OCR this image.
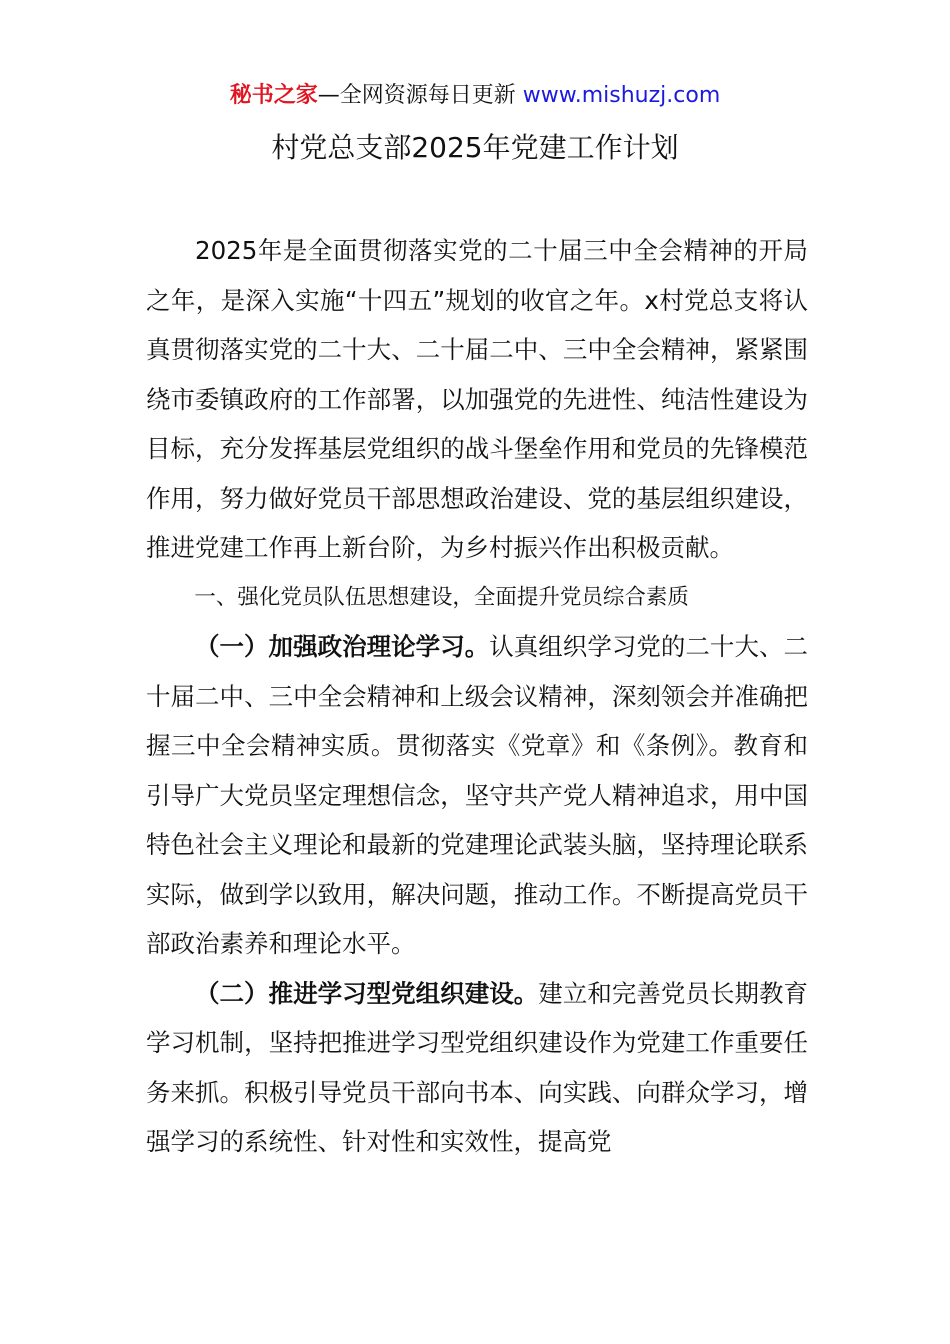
秘书之家—全网资源每日更新 www.mishuzj.com
村党总支部2025年党建工作计划

2025年是全面贯彻落实党的二十届三中全会精神的开局之年，是深入实施“十四五”规划的收官之年。x村党总支将认真贯彻落实党的二十大、二十届二中、三中全会精神，紧紧围绕市委镇政府的工作部署，以加强党的先进性、纯洁性建设为目标，充分发挥基层党组织的战斗堡垒作用和党员的先锋模范作用，努力做好党员干部思想政治建设、党的基层组织建设，推进党建工作再上新台阶，为乡村振兴作出积极贡献。

一、强化党员队伍思想建设，全面提升党员综合素质

（一）加强政治理论学习。认真组织学习党的二十大、二十届二中、三中全会精神和上级会议精神，深刻领会并准确把握三中全会精神实质。贯彻落实《党章》和《条例》。教育和引导广大党员坚定理想信念，坚守共产党人精神追求，用中国特色社会主义理论和最新的党建理论武装头脑，坚持理论联系实际，做到学以致用，解决问题，推动工作。不断提高党员干部政治素养和理论水平。

（二）推进学习型党组织建设。建立和完善党员长期教育学习机制，坚持把推进学习型党组织建设作为党建工作重要任务来抓。积极引导党员干部向书本、向实践、向群众学习，增强学习的系统性、针对性和实效性，提高党
